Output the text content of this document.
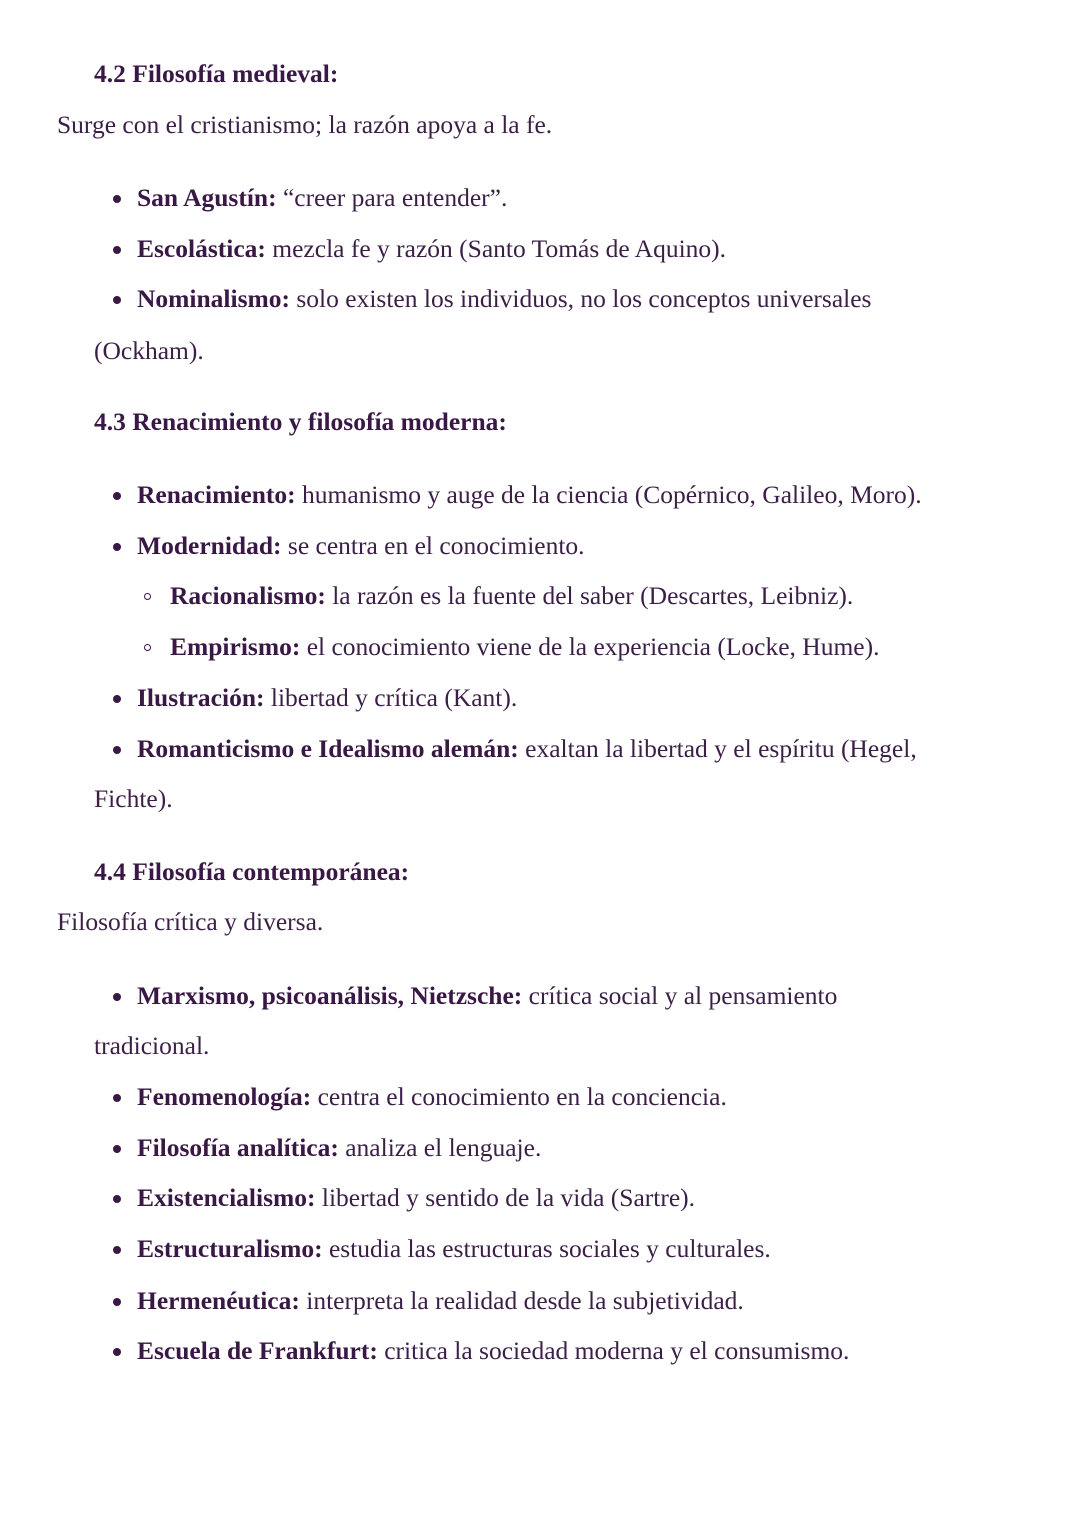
4.2 Filosofía medieval:
Surge con el cristianismo; la razón apoya a la fe.
San Agustín: “creer para entender”.
Escolástica: mezcla fe y razón (Santo Tomás de Aquino).
Nominalismo: solo existen los individuos, no los conceptos universales
(Ockham).
4.3 Renacimiento y filosofía moderna:
Renacimiento: humanismo y auge de la ciencia (Copérnico, Galileo, Moro).
Modernidad: se centra en el conocimiento.
Racionalismo: la razón es la fuente del saber (Descartes, Leibniz).
Empirismo: el conocimiento viene de la experiencia (Locke, Hume).
Ilustración: libertad y crítica (Kant).
Romanticismo e Idealismo alemán: exaltan la libertad y el espíritu (Hegel,
Fichte).
4.4 Filosofía contemporánea:
Filosofía crítica y diversa.
Marxismo, psicoanálisis, Nietzsche: crítica social y al pensamiento
tradicional.
Fenomenología: centra el conocimiento en la conciencia.
Filosofía analítica: analiza el lenguaje.
Existencialismo: libertad y sentido de la vida (Sartre).
Estructuralismo: estudia las estructuras sociales y culturales.
Hermenéutica: interpreta la realidad desde la subjetividad.
Escuela de Frankfurt: critica la sociedad moderna y el consumismo.
